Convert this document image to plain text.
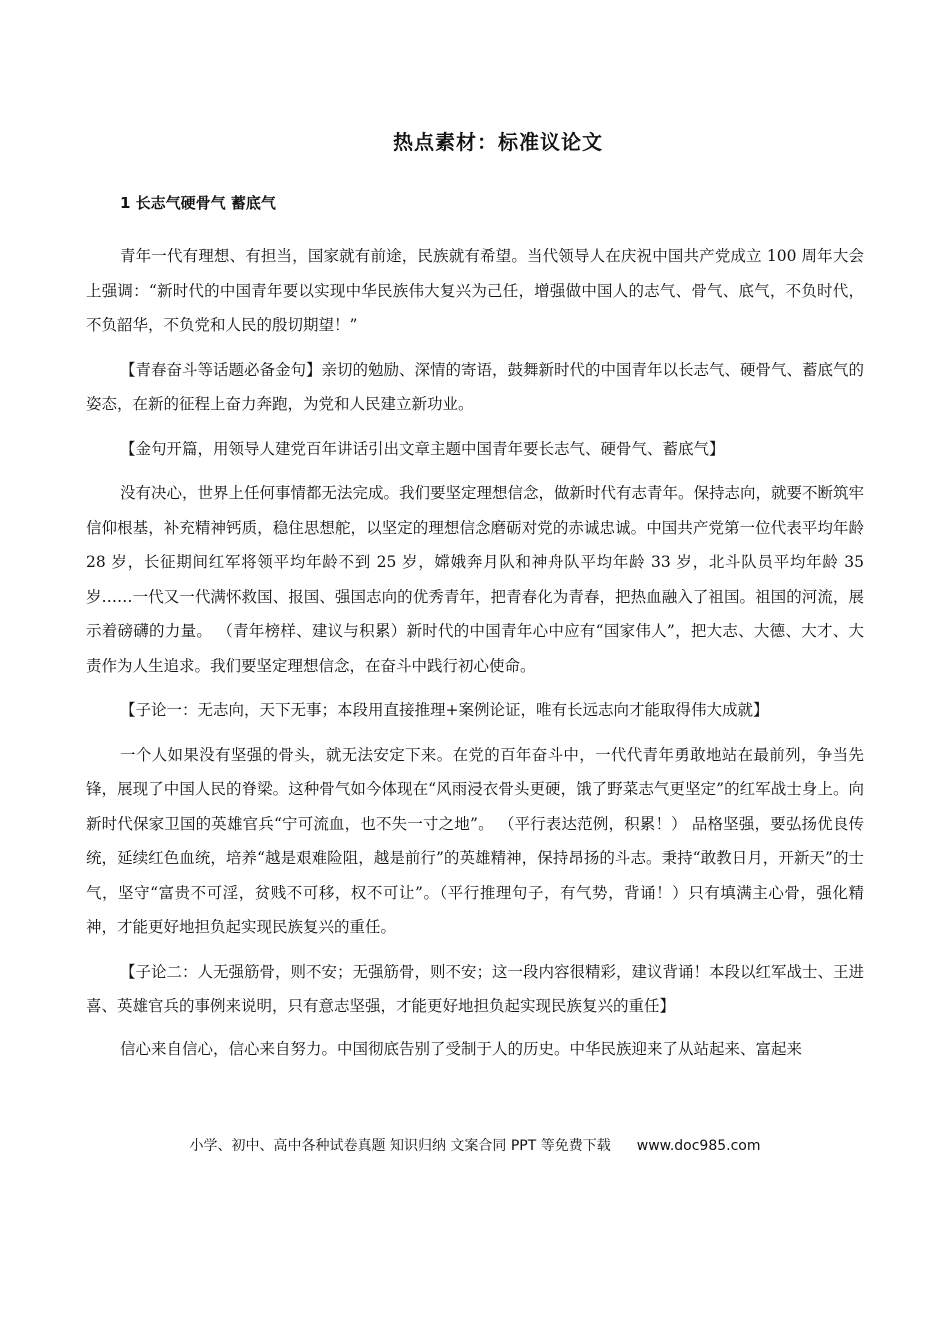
热点素材：标准议论文
1 长志气硬骨气 蓄底气

青年一代有理想、有担当，国家就有前途，民族就有希望。当代领导人在庆祝中国共产党成立 100 周年大会上强调：“新时代的中国青年要以实现中华民族伟大复兴为己任，增强做中国人的志气、骨气、底气，不负时代，不负韶华，不负党和人民的殷切期望！”

【青春奋斗等话题必备金句】亲切的勉励、深情的寄语，鼓舞新时代的中国青年以长志气、硬骨气、蓄底气的姿态，在新的征程上奋力奔跑，为党和人民建立新功业。

【金句开篇，用领导人建党百年讲话引出文章主题中国青年要长志气、硬骨气、蓄底气】

没有决心，世界上任何事情都无法完成。我们要坚定理想信念，做新时代有志青年。保持志向，就要不断筑牢信仰根基，补充精神钙质，稳住思想舵，以坚定的理想信念磨砺对党的赤诚忠诚。中国共产党第一位代表平均年龄 28 岁，长征期间红军将领平均年龄不到 25 岁，嫦娥奔月队和神舟队平均年龄 33 岁，北斗队员平均年龄 35 岁……一代又一代满怀救国、报国、强国志向的优秀青年，把青春化为青春，把热血融入了祖国。祖国的河流，展示着磅礴的力量。 （青年榜样、建议与积累）新时代的中国青年心中应有“国家伟人”，把大志、大德、大才、大责作为人生追求。我们要坚定理想信念，在奋斗中践行初心使命。

【子论一：无志向，天下无事；本段用直接推理+案例论证，唯有长远志向才能取得伟大成就】

一个人如果没有坚强的骨头，就无法安定下来。在党的百年奋斗中，一代代青年勇敢地站在最前列，争当先锋，展现了中国人民的脊梁。这种骨气如今体现在“风雨浸衣骨头更硬，饿了野菜志气更坚定”的红军战士身上。向新时代保家卫国的英雄官兵“宁可流血，也不失一寸之地”。 （平行表达范例，积累！） 品格坚强，要弘扬优良传统，延续红色血统，培养“越是艰难险阻，越是前行”的英雄精神，保持昂扬的斗志。秉持“敢教日月，开新天”的士气，坚守“富贵不可淫，贫贱不可移，权不可让”。（平行推理句子，有气势，背诵！）只有填满主心骨，强化精神，才能更好地担负起实现民族复兴的重任。

【子论二：人无强筋骨，则不安；无强筋骨，则不安；这一段内容很精彩，建议背诵！本段以红军战士、王进喜、英雄官兵的事例来说明，只有意志坚强，才能更好地担负起实现民族复兴的重任】

信心来自信心，信心来自努力。中国彻底告别了受制于人的历史。中华民族迎来了从站起来、富起来

小学、初中、高中各种试卷真题 知识归纳 文案合同 PPT 等免费下载 www.doc985.com
